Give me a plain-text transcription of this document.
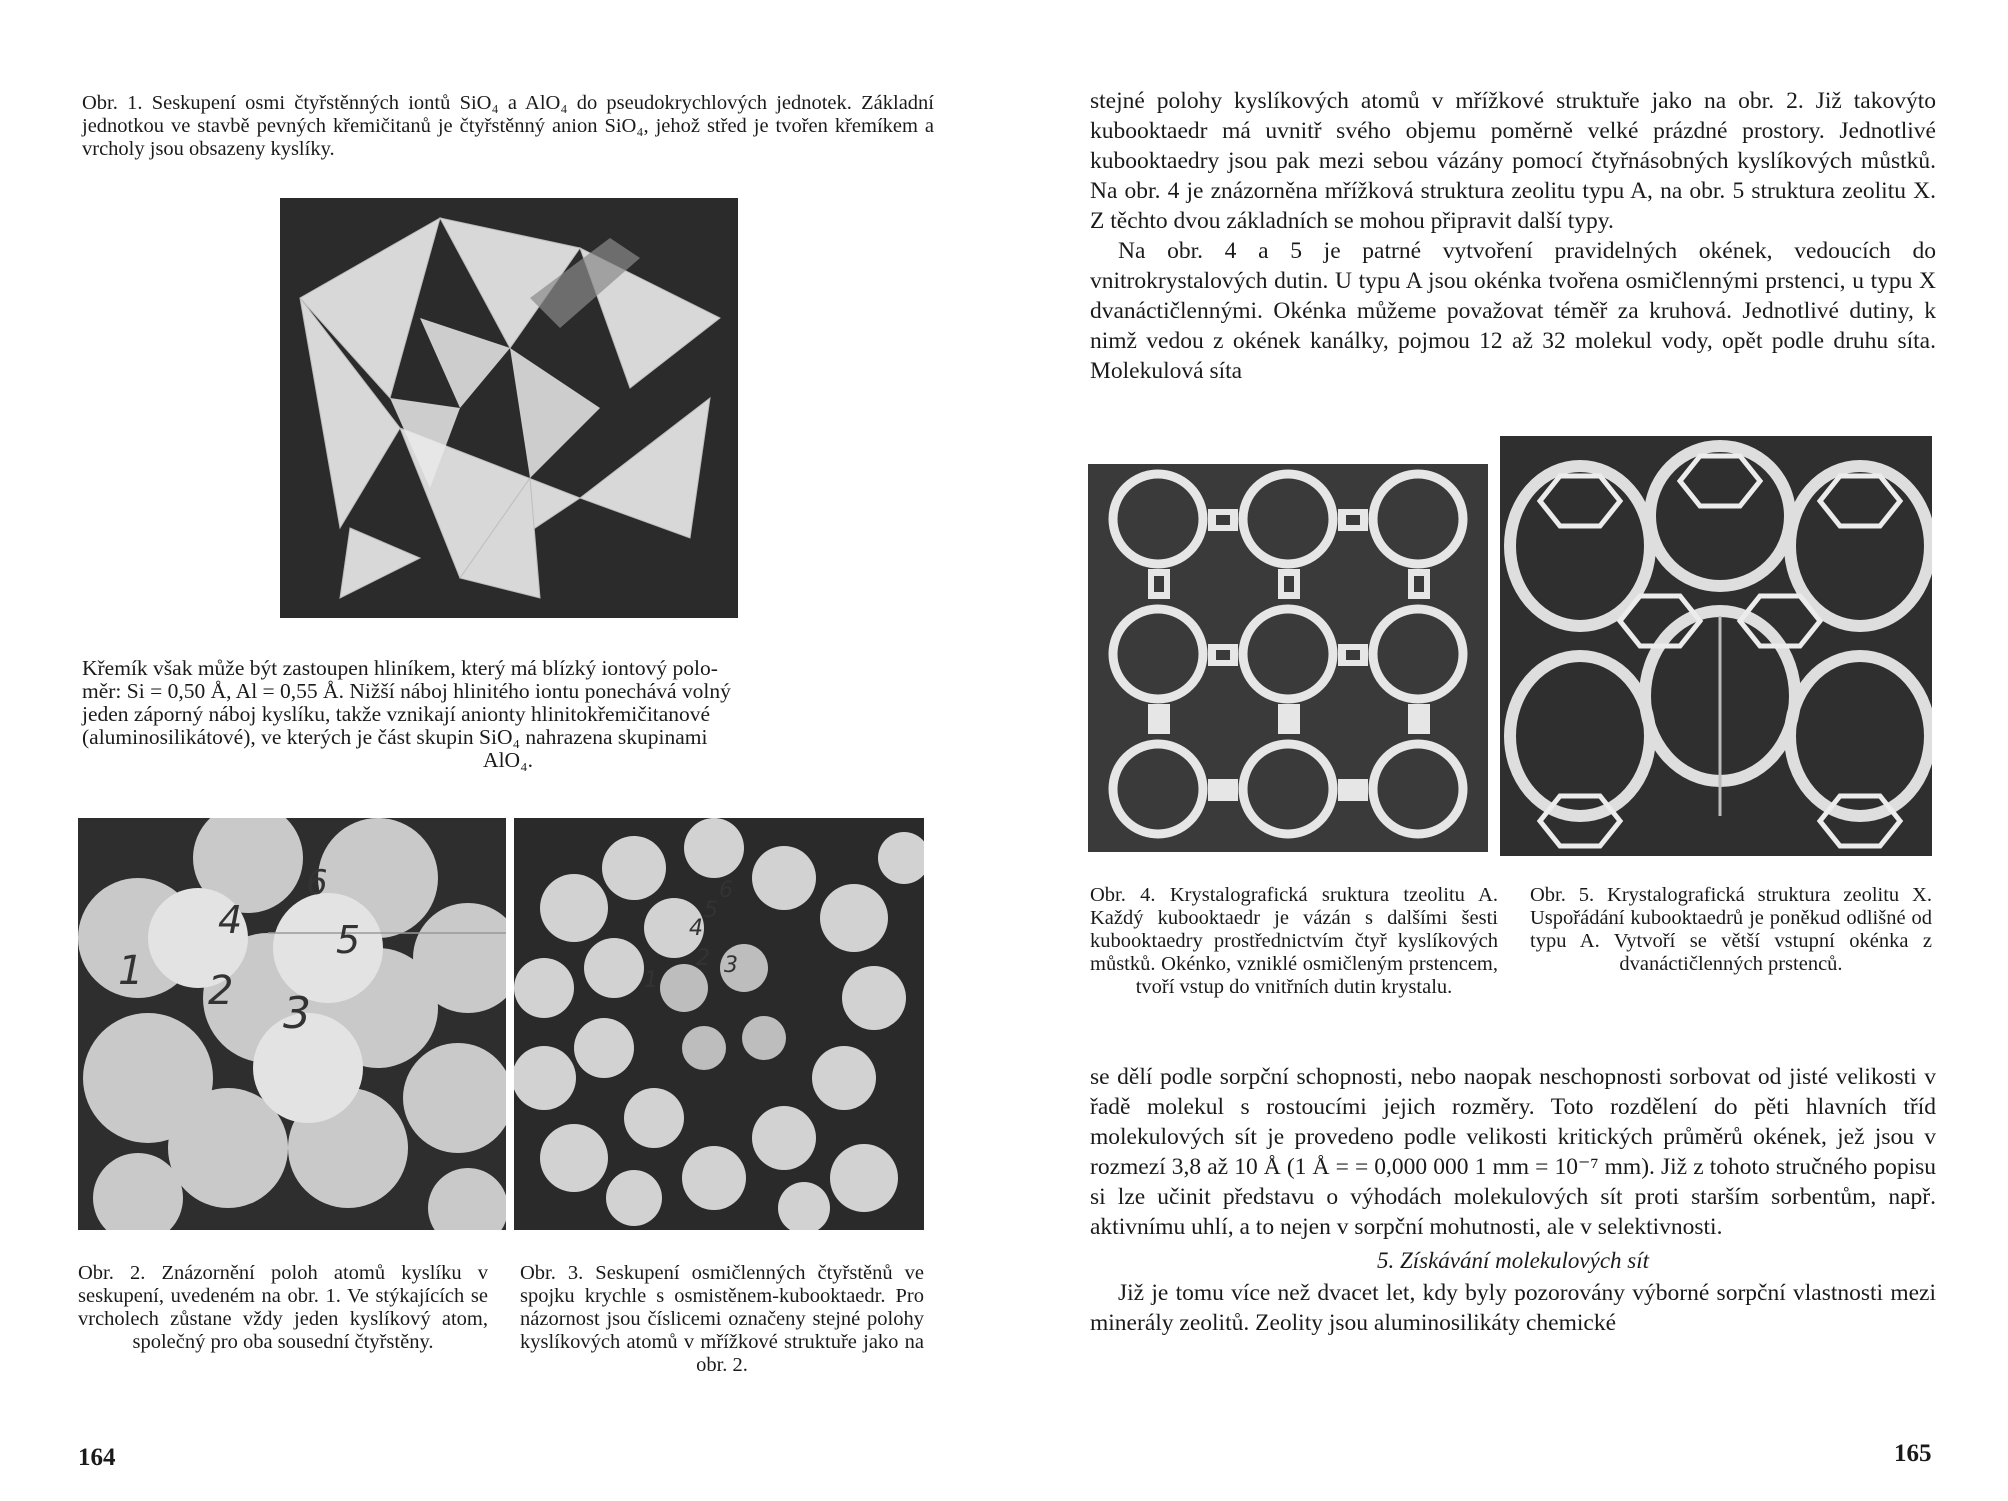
Obr. 1. Seskupení osmi čtyřstěnných iontů SiO₄ a AlO₄ do pseudokrychlových jednotek. Základní jednotkou ve stavbě pevných křemičitanů je čtyřstěnný anion SiO₄, jehož střed je tvořen křemíkem a vrcholy jsou obsazeny kyslíky.
Křemík však může být zastoupen hliníkem, který má blízký iontový polo-
měr: Si = 0,50 Å, Al = 0,55 Å. Nižší náboj hlinitého iontu ponechává volný
jeden záporný náboj kyslíku, takže vznikají anionty hlinitokřemičitanové
(aluminosilikátové), ve kterých je část skupin SiO₄ nahrazena skupinami
AlO₄.
1 2 3
4 5
6
1
2 3
4
5
6
Obr. 2. Znázornění poloh atomů kyslíku v seskupení, uvedeném na obr. 1. Ve stýkajících se vrcholech zůstane vždy jeden kyslíkový atom, společný pro oba sousední čtyřstěny.
Obr. 3. Seskupení osmičlenných čtyřstěnů ve spojku krychle s osmistěnem-kubooktaedr. Pro názornost jsou číslicemi označeny stejné polohy kyslíkových atomů v mřížkové struktuře jako na obr. 2.
164

stejné polohy kyslíkových atomů v mřížkové struktuře jako na obr. 2. Již takovýto kubooktaedr má uvnitř svého objemu poměrně velké prázdné prostory. Jednotlivé kubooktaedry jsou pak mezi sebou vázány pomocí čtyřnásobných kyslíkových můstků. Na obr. 4 je znázorněna mřížková struktura zeolitu typu A, na obr. 5 struktura zeolitu X. Z těchto dvou základních se mohou připravit další typy.

Na obr. 4 a 5 je patrné vytvoření pravidelných okének, vedoucích do vnitrokrystalových dutin. U typu A jsou okénka tvořena osmičlennými prstenci, u typu X dvanáctičlennými. Okénka můžeme považovat téměř za kruhová. Jednotlivé dutiny, k nimž vedou z okének kanálky, pojmou 12 až 32 molekul vody, opět podle druhu síta. Molekulová síta

Obr. 4. Krystalografická sruktura tzeolitu A. Každý kubooktaedr je vázán s dalšími šesti kubooktaedry prostřednictvím čtyř kyslíkových můstků. Okénko, vzniklé osmičleným prstencem, tvoří vstup do vnitřních dutin krystalu.
Obr. 5. Krystalografická struktura zeolitu X. Uspořádání kubooktaedrů je poněkud odlišné od typu A. Vytvoří se větší vstupní okénka z dvanáctičlenných prstenců.

se dělí podle sorpční schopnosti, nebo naopak neschopnosti sorbovat od jisté velikosti v řadě molekul s rostoucími jejich rozměry. Toto rozdělení do pěti hlavních tříd molekulových sít je provedeno podle velikosti kritických průměrů okének, jež jsou v rozmezí 3,8 až 10 Å (1 Å = = 0,000 000 1 mm = 10⁻⁷ mm). Již z tohoto stručného popisu si lze učinit představu o výhodách molekulových sít proti starším sorbentům, např. aktivnímu uhlí, a to nejen v sorpční mohutnosti, ale v selektivnosti.

5. Získávání molekulových sít

Již je tomu více než dvacet let, kdy byly pozorovány výborné sorpční vlastnosti mezi minerály zeolitů. Zeolity jsou aluminosilikáty chemické

165
